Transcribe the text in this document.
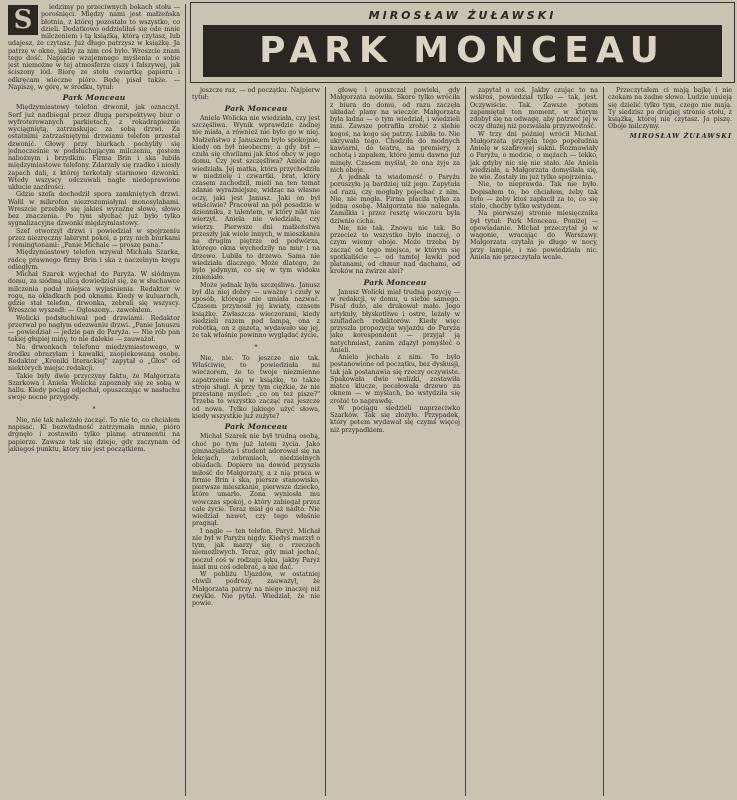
S	iedzimy po przeciwnych bokach stołu — porośnięci. Między nami jest małżeńska błotnia, z której pozostało to wszystko, co dzieli. Dodatkowo oddzieliłaś się ode mnie milczeniem i tą książką, którą czytasz, lub udajesz, że czytasz. Już długo patrzysz w książkę. Ja patrzę w okno, jakby za nim coś było. Wreszcie znam tego dość. Napięcie wzajemnego myślenia o sobie jest niemożne w tej atmosferze ciszy i fałszywej, jak ściszony lód. Biorę ze stołu cwiartkę papieru i odkręcam wieczne pióro. Będę pisał także. — Napiszę, w górę, w środku, tytuł:

Park Monceau

Międzymiastowy telefon drwonił, jak oznaczył. Serf już nadbiegał przez długą perspektywę biur o wyfroterowanych parkietach, z rekadrapieżnie wyciągniętą, zatrzaskując za sobą drzwi. Za ostatnimi zatrzaśniętymi drzwiami telefon przestał dzwonić. Głowy przy biurkach pochyliły się jednocześnie w podsłuchującym milczeniu, gestem nabożnym i brzydkim. Firma Brin i ska lubiła międzymiastowe telefony. Zdarzały się rzadko i niosły zapach dali, z której terkotały starmowe dzwonki. Wtedy wszyscy odczuwali nagłe niedoprawione ukłucie zazdrości.

Gdzie szefa dochodził spora zamkniętych drzwi. Wałil w mikrofon niezrozumiałymi monosylabami. Wreszcie przebiło się jakieś wyraźne słowo, słowo bez znaczenia. Po tym słychać już było tylko sygnalizacyjne dzwonki międzymiastowy.

Szef otworzył drzwi i powiedział w spojrzeniu przez niezręczny labirynt pokoi, a przy nich biurkami i remingtonami: „Panie Michale — proszę pana."

Międzymiastowy telefon wzywał Michała Szarka, radcę prawnego firmy Brin i ska z naczelnym kręgu odległym.

Michał Szarek wyjechał do Paryża. W siódmym domu, za siódmą ulicą dowiedział się, że w słuchawce milczenia podał miejsca wyjaśnienia. Redaktor w rogu, na okładkach pod oknami. Kiedy w kuluarach, gdzie stał telefon, drwonka, zebrali się wszyscy. Wreszcie wyszedł: — Ogłoszony... zawołałem.

Wolicki podsłuchiwał pod drzwiami. Redaktor przerwał po nagłym odezwaniu drzwi. „Panie Januszu — powiedział — jedzie pan do Paryża. — Nie rób pan takiej głupiej miny, to nie dalekie — zauważał.

Na drwonkach telefonu międzymiastowego, w środku obrazyłam i kawałki, zaopiekowaną osobę. Redaktor „Kroniki literackiej" zapytał o „Głos" od niektórych miejsc redakcji.

Takie były dwie przyczyny faktu, że Małgorzata Szarkowa i Aniela Wolicka zapoznały się ze sobą w hallu. Kiedy pociąg odjechał, opuszczając w nasłuchu swoje nocne przygody.

*

Nie, nie tak należało zacząć. To nie to, co chciałem napisać. Ki bezwładność zatrzymała mnie, pióro drgnęło i zostawiło tylko plamę atramentu na papierze. Zawsze tak się dzieje, gdy zaczynam od jakiegoś punktu, który nie jest początkiem.

MIROSŁAW ŻUŁAWSKI
PARK MONCEAU

jeszcze raz, — od początku. Najpierw tytuł:

Park Monceau

Aniela Wolicka nie wiedziała, czy jest szczęśliwa. Wynik wprawdzie żadnej nie miała, a również nie było go w niej. Małżeństwo z Januszem było spokojnie, kiedy on był nieobecny; a gdy był — czuła się chwilami jak ktoś obcy w jego domu. Czy jest szczęśliwa? Aniela nie wiedziała. Jej matka, która przychodziła w niedzielę i czwartki, brat, który czasem zachodził, mieli na ten temat zdanie wyraźniejsze, widząc na własne oczy, jaki jest Janusz. Jaki on był właściwie? Pracował na pół posadzie w dzienniku, z talentem, w który nikt nie wierzył. Aniela nie wiedziała, czy wierzy. Pierwsze dni małżeństwa przeszły jak wiele innych, w mieszkaniu na drugim piętrze od podwórza, którego okna wychodziły na mur i na drzewo. Lubiła to drzewo. Sama nie wiedziała dlaczego. Może dlatego, że było jedynym, co się w tym widoku zmieniało.

Może jednak była szczęśliwa. Janusz był dla niej dobry — uważny i czuły w sposób, którego nie umiała nazwać. Czasem przynosił jej kwiaty, czasem książkę. Zwłaszcza wieczorami, kiedy siedzieli razem pod lampą, ona z robótką, on z gazetą, wydawało się jej, że tak właśnie powinno wyglądać życie.

*

Nie, nie. To jeszcze nie tak. Właściwie, to powiedziała mi wieczorem, że to twoje niezmienne zapatrzenie się w książkę, to także stroje sługi. A przy tym ciężkie, że nie przestanę myśleć: „co on też pisze?" Trzeba to wszystko zacząć raz jeszcze od nowa. Tylko jakiego użyć słowa, kiedy wszystkie już zużyte?

Park Monceau

Michał Szarek nie był trudną osobą, choć po tym już latem życia. Jako gimnazjalista i student adorował się na lekcjach, zebraniach, niedzielnych obiadach. Dopiero na dowód przyszła miłość do Małgorzaty, a z nią praca w firmie Brin i ska, piersze stanowisko, pierwsze mieszkanie, pierwsze dziecko, które umarło. Zona wyniosła mu wówczas spokój, o który zabiegał przez całe życie. Teraz miał go aż nadto. Nie wiedział nawet, czy tego właśnie pragnął.

I nagle — ten telefon. Paryż. Michał nie był w Paryżu nigdy. Kiedyś marzył o tym, jak marzy się o rzeczach niemożliwych. Teraz, gdy miał jechać, poczuł coś w rodzaju lęku, jakby Paryż miał mu coś odebrać, a nie dać.

W pobliżu Ujazdów, w ostatniej chwili podróży, zauważył, że Małgorzata patrzy na niego inaczej niż zwykle. Nie pytał. Wiedział, że nie powie.

głowę i opuszczał powieki, gdy Małgorzata mówiła. Skoro tylko wróciła z biura do domu, od razu zaczęła układać plany na wieczór. Małgorzata była ładna — o tym wiedział, i wiedzieli inni. Zawsze potrafiła zrobić z siebie kogoś, na kogo się patrzy. Lubiła to. Nie ukrywała tego. Chodziła do modnych kawiarni, do teatru, na premiery, z ochotą i zapałem, które jemu dawno już minęły. Czasem myślał, że ona żyje za nich oboje.

A jednak ta wiadomość o Paryżu poruszyła ją bardziej niż jego. Zapytała od razu, czy mogłaby pojechać z nim. Nie, nie mogła. Firma płaciła tylko za jedną osobę. Małgorzata nie nalegała. Zamilkła i przez resztę wieczoru była dziwnie cicha.

Nie, nie tak. Znowu nie tak. Bo przecież to wszystko było inaczej, o czym wiemy oboje. Może trzeba by zacząć od tego miejsca, w którym się spotkaliście — od tamtej ławki pod platanami, od chmur nad dachami, od kroków na żwirze alei?

Park Monceau

Janusz Wolicki miał trudną pozycję — w redakcji, w domu, u siebie samego. Pisał dużo, ale drukował mało. Jego artykuły, błyskotliwe i ostre, leżały w szufladach redaktorów. Kiedy więc przyszła propozycja wyjazdu do Paryża jako korespondent — przyjął ją natychmiast, zanim zdążył pomyśleć o Anieli.

Aniela jechała z nim. To było postanowione od początku, bez dyskusji, tak jak postanawia się rzeczy oczywiste. Spakowała dwie walizki, zostawiła matce klucze, pocałowała drzewo za oknem — w myślach, bo wstydziła się zrobić to naprawdę.

W pociągu siedzieli naprzeciwko Szarków. Tak się złożyło. Przypadek, który potem wydawał się czymś więcej niż przypadkiem.

zapytał o coś. Jakby czując to na wskroś, powiedział tylko — tak, jest. Oczywiście. Tak. Zawsze potem zapamiętał ten moment, w którym zdobył się na odwagę, aby patrzeć jej w oczy dłużej niż pozwalała przyzwoitość.

W trzy dni później wrócił Michał. Małgorzata przyjęła tego popołudnia Anielę w szafirowej sukni. Rozmawiały o Paryżu, o modzie, o mężach — lekko, jak gdyby nic się nie stało. Ale Aniela wiedziała, a Małgorzata domyślała się, że wie. Zostały im już tylko spojrzenia.

Nie, to nieprawda. Tak nie było. Dopisałem to, bo chciałem, żeby tak było — żeby ktoś zapłacił za to, co się stało, choćby tylko wstydem.

Na pierwszej stronie miesięcznika był tytuł: Park Monceau. Poniżej — opowiadanie. Michał przeczytał je w wagonie, wracając do Warszawy. Małgorzata czytała je długo w nocy, przy lampie, i nie powiedziała nic. Aniela nie przeczytała wcale.

Przeczytałem ci mają bajkę i nie czekam na żadne słowo. Ludzie umieją się dzielić tylko tym, czego nie mają. Ty siedzisz po drugiej stronie stołu, z książką, której nie czytasz. Ja piszę. Oboje milczymy.

MIROSŁAW ŻUŁAWSKI
